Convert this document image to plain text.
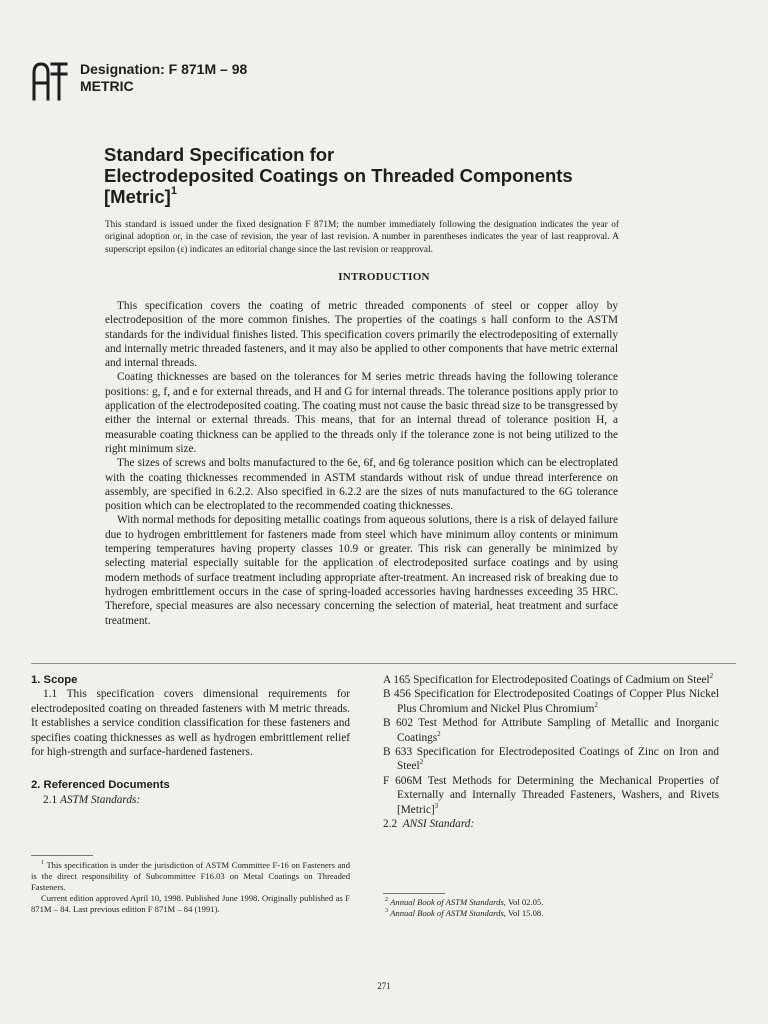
Designation: F 871M – 98
METRIC
Standard Specification for
Electrodeposited Coatings on Threaded Components
[Metric]$^1$
This standard is issued under the fixed designation F 871M; the number immediately following the designation indicates the year of original adoption or, in the case of revision, the year of last revision. A number in parentheses indicates the year of last reapproval. A superscript epsilon (ε) indicates an editorial change since the last revision or reapproval.
INTRODUCTION

This specification covers the coating of metric threaded components of steel or copper alloy by electrodeposition of the more common finishes. The properties of the coatings s hall conform to the ASTM standards for the individual finishes listed. This specification covers primarily the electrodepositing of externally and internally metric threaded fasteners, and it may also be applied to other components that have metric external and internal threads.

Coating thicknesses are based on the tolerances for M series metric threads having the following tolerance positions: g, f, and e for external threads, and H and G for internal threads. The tolerance positions apply prior to application of the electrodeposited coating. The coating must not cause the basic thread size to be transgressed by either the internal or external threads. This means, that for an internal thread of tolerance position H, a measurable coating thickness can be applied to the threads only if the tolerance zone is not being utilized to the right minimum size.

The sizes of screws and bolts manufactured to the 6e, 6f, and 6g tolerance position which can be electroplated with the coating thicknesses recommended in ASTM standards without risk of undue thread interference on assembly, are specified in 6.2.2. Also specified in 6.2.2 are the sizes of nuts manufactured to the 6G tolerance position which can be electroplated to the recommended coating thicknesses.

With normal methods for depositing metallic coatings from aqueous solutions, there is a risk of delayed failure due to hydrogen embrittlement for fasteners made from steel which have minimum alloy contents or minimum tempering temperatures having property classes 10.9 or greater. This risk can generally be minimized by selecting material especially suitable for the application of electrodeposited surface coatings and by using modern methods of surface treatment including appropriate after-treatment. An increased risk of breaking due to hydrogen embrittlement occurs in the case of spring-loaded accessories having hardnesses exceeding 35 HRC. Therefore, special measures are also necessary concerning the selection of material, heat treatment and surface treatment.

1. Scope

1.1 This specification covers dimensional requirements for electrodeposited coating on threaded fasteners with M metric threads. It establishes a service condition classification for these fasteners and specifies coating thicknesses as well as hydrogen embrittlement relief for high-strength and surface-hardened fasteners.

2. Referenced Documents

2.1 ASTM Standards:

A 165 Specification for Electrodeposited Coatings of Cadmium on Steel$^2$
B 456 Specification for Electrodeposited Coatings of Copper Plus Nickel Plus Chromium and Nickel Plus Chromium$^2$
B 602 Test Method for Attribute Sampling of Metallic and Inorganic Coatings$^2$
B 633 Specification for Electrodeposited Coatings of Zinc on Iron and Steel$^2$
F 606M Test Methods for Determining the Mechanical Properties of Externally and Internally Threaded Fasteners, Washers, and Rivets [Metric]$^3$
2.2 ANSI Standard:

$^1$ This specification is under the jurisdiction of ASTM Committee F-16 on Fasteners and is the direct responsibility of Subcommittee F16.03 on Metal Coatings on Threaded Fasteners.

Current edition approved April 10, 1998. Published June 1998. Originally published as F 871M – 84. Last previous edition F 871M – 84 (1991).

$^2$ Annual Book of ASTM Standards, Vol 02.05.

$^3$ Annual Book of ASTM Standards, Vol 15.08.

271
